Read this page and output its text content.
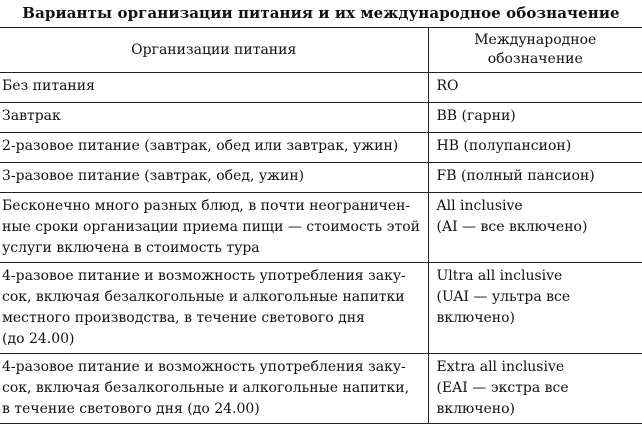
Варианты организации питания и их международное обозначение
Организации питания	Международное
обозначение

Без питания	RO

Завтрак	BB (гарни)

2-разовое питание (завтрак, обед или завтрак, ужин)	HB (полупансион)

3-разовое питание (завтрак, обед, ужин)	FB (полный пансион)

Бесконечно много разных блюд, в почти неограничен-
ные сроки организации приема пищи — стоимость этой
услуги включена в стоимость тура	All inclusive
(AI — все включено)

4-разовое питание и возможность употребления заку-
сок, включая безалкогольные и алкогольные напитки
местного производства, в течение светового дня
(до 24.00)	Ultra all inclusive
(UAI — ультра все
включено)

4-разовое питание и возможность употребления заку-
сок, включая безалкогольные и алкогольные напитки,
в течение светового дня (до 24.00)	Extra all inclusive
(EAI — экстра все
включено)
